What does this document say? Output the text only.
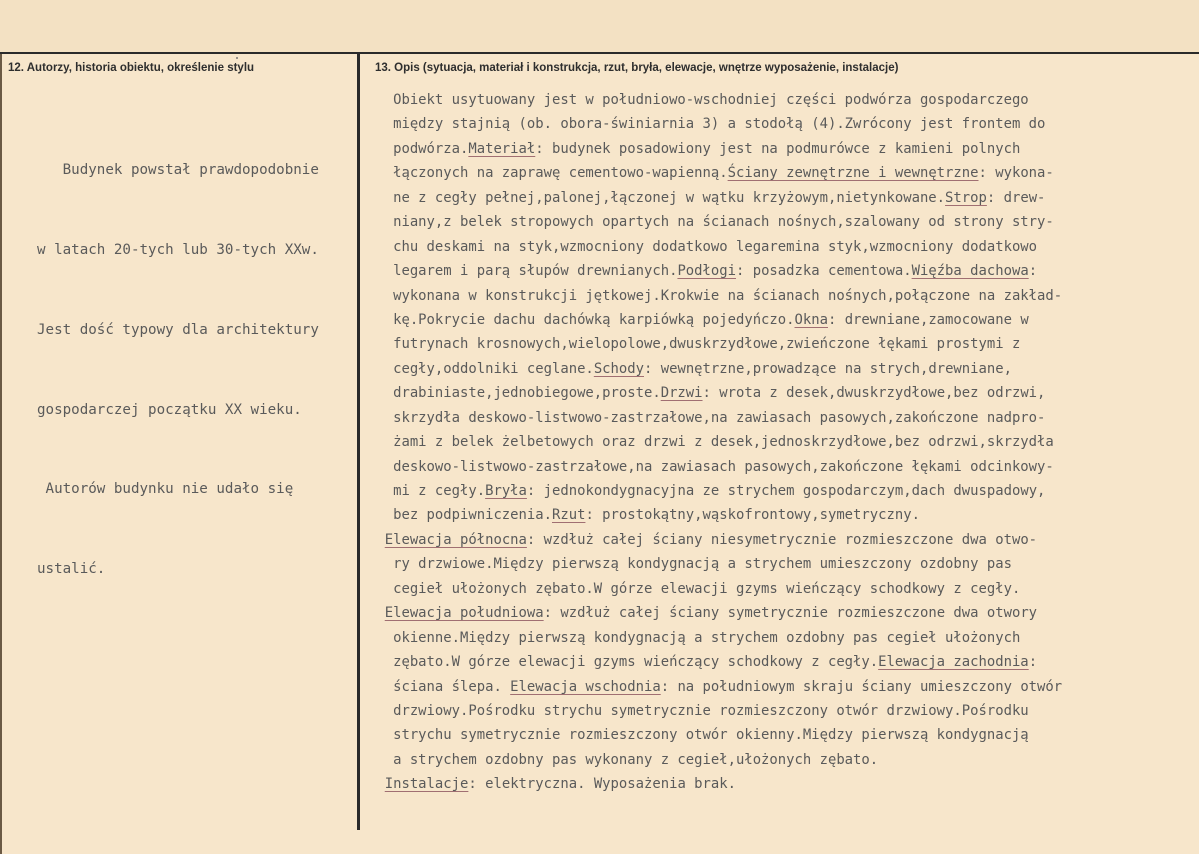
12. Autorzy, historia obiektu, określenie stylu	13. Opis (sytuacja, materiał i konstrukcja, rzut, bryła, elewacje, wnętrze wyposażenie, instalacje)

Budynek powstał prawdopodobnie

w latach 20-tych lub 30-tych XXw.

Jest dość typowy dla architektury

gospodarczej początku XX wieku.

Autorów budynku nie udało się

ustalić.

Obiekt usytuowany jest w południowo-wschodniej części podwórza gospodarczego
między stajnią (ob. obora-świniarnia 3) a stodołą (4).Zwrócony jest frontem do
podwórza.Materiał: budynek posadowiony jest na podmurówce z kamieni polnych
łączonych na zaprawę cementowo-wapienną.Ściany zewnętrzne i wewnętrzne: wykona-
ne z cegły pełnej,palonej,łączonej w wątku krzyżowym,nietynkowane.Strop: drew-
niany,z belek stropowych opartych na ścianach nośnych,szalowany od strony stry-
chu deskami na styk,wzmocniony dodatkowo legaremina styk,wzmocniony dodatkowo
legarem i parą słupów drewnianych.Podłogi: posadzka cementowa.Więźba dachowa:
wykonana w konstrukcji jętkowej.Krokwie na ścianach nośnych,połączone na zakład-
kę.Pokrycie dachu dachówką karpiówką pojedyńczo.Okna: drewniane,zamocowane w
futrynach krosnowych,wielopolowe,dwuskrzydłowe,zwieńczone łękami prostymi z
cegły,oddolniki ceglane.Schody: wewnętrzne,prowadzące na strych,drewniane,
drabiniaste,jednobiegowe,proste.Drzwi: wrota z desek,dwuskrzydłowe,bez odrzwi,
skrzydła deskowo-listwowo-zastrzałowe,na zawiasach pasowych,zakończone nadpro-
żami z belek żelbetowych oraz drzwi z desek,jednoskrzydłowe,bez odrzwi,skrzydła
deskowo-listwowo-zastrzałowe,na zawiasach pasowych,zakończone łękami odcinkowy-
mi z cegły.Bryła: jednokondygnacyjna ze strychem gospodarczym,dach dwuspadowy,
bez podpiwniczenia.Rzut: prostokątny,wąskofrontowy,symetryczny.
Elewacja północna: wzdłuż całej ściany niesymetrycznie rozmieszczone dwa otwo-
ry drzwiowe.Między pierwszą kondygnacją a strychem umieszczony ozdobny pas
cegieł ułożonych zębato.W górze elewacji gzyms wieńczący schodkowy z cegły.
Elewacja południowa: wzdłuż całej ściany symetrycznie rozmieszczone dwa otwory
okienne.Między pierwszą kondygnacją a strychem ozdobny pas cegieł ułożonych
zębato.W górze elewacji gzyms wieńczący schodkowy z cegły.Elewacja zachodnia:
ściana ślepa. Elewacja wschodnia: na południowym skraju ściany umieszczony otwór
drzwiowy.Pośrodku strychu symetrycznie rozmieszczony otwór drzwiowy.Pośrodku
strychu symetrycznie rozmieszczony otwór okienny.Między pierwszą kondygnacją
a strychem ozdobny pas wykonany z cegieł,ułożonych zębato.
Instalacje: elektryczna. Wyposażenia brak.
